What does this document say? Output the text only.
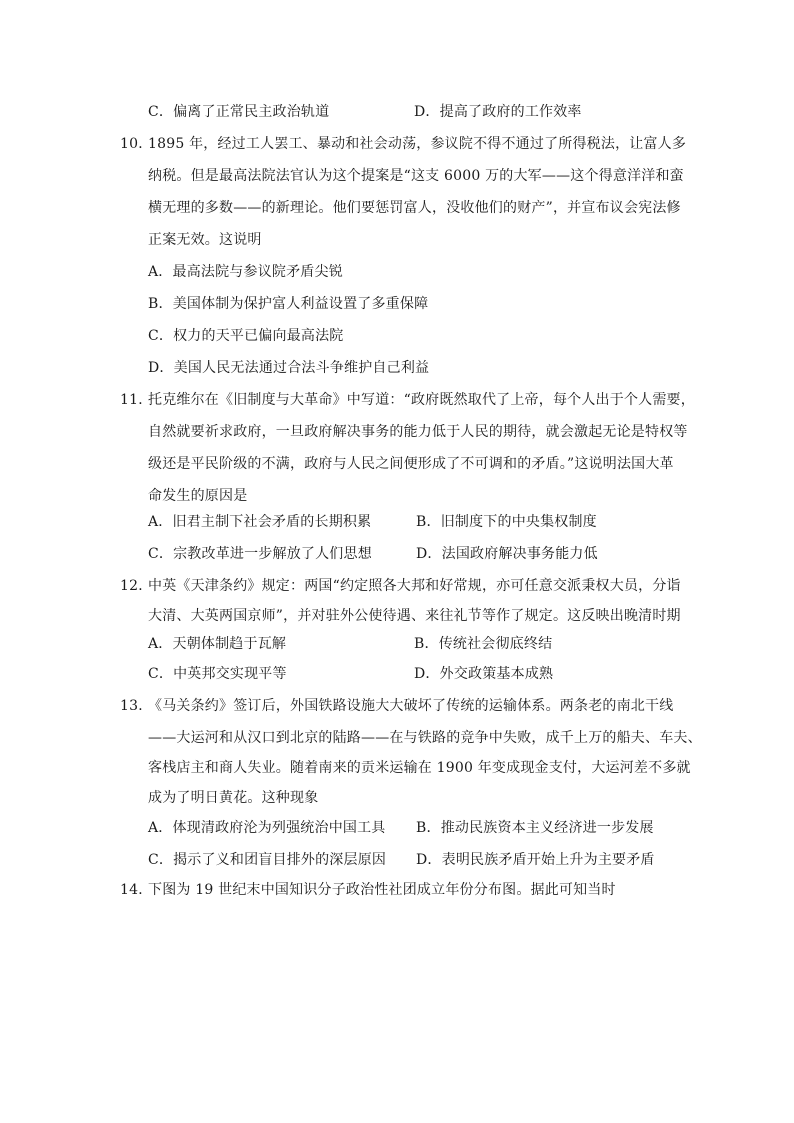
C．偏离了正常民主政治轨道	D．提高了政府的工作效率
10．
1895 年，经过工人罢工、暴动和社会动荡，参议院不得不通过了所得税法，让富人多
纳税。但是最高法院法官认为这个提案是“这支 6000 万的大军——这个得意洋洋和蛮
横无理的多数——的新理论。他们要惩罚富人，没收他们的财产”，并宣布议会宪法修
正案无效。这说明
A．最高法院与参议院矛盾尖锐
B．美国体制为保护富人利益设置了多重保障
C．权力的天平已偏向最高法院
D．美国人民无法通过合法斗争维护自己利益
11．
托克维尔在《旧制度与大革命》中写道：“政府既然取代了上帝，每个人出于个人需要，
自然就要祈求政府，一旦政府解决事务的能力低于人民的期待，就会激起无论是特权等
级还是平民阶级的不满，政府与人民之间便形成了不可调和的矛盾。”这说明法国大革
命发生的原因是
A．旧君主制下社会矛盾的长期积累	B．旧制度下的中央集权制度
C．宗教改革进一步解放了人们思想	D．法国政府解决事务能力低
12．
中英《天津条约》规定：两国“约定照各大邦和好常规，亦可任意交派秉权大员，分诣
大清、大英两国京师”，并对驻外公使待遇、来往礼节等作了规定。这反映出晚清时期
A．天朝体制趋于瓦解	B．传统社会彻底终结
C．中英邦交实现平等	D．外交政策基本成熟
13．
《马关条约》签订后，外国铁路设施大大破坏了传统的运输体系。两条老的南北干线
——大运河和从汉口到北京的陆路——在与铁路的竞争中失败，成千上万的船夫、车夫、
客栈店主和商人失业。随着南来的贡米运输在 1900 年变成现金支付，大运河差不多就
成为了明日黄花。这种现象
A．体现清政府沦为列强统治中国工具 B．推动民族资本主义经济进一步发展
C．揭示了义和团盲目排外的深层原因 D．表明民族矛盾开始上升为主要矛盾
14．
下图为 19 世纪末中国知识分子政治性社团成立年份分布图。据此可知当时
